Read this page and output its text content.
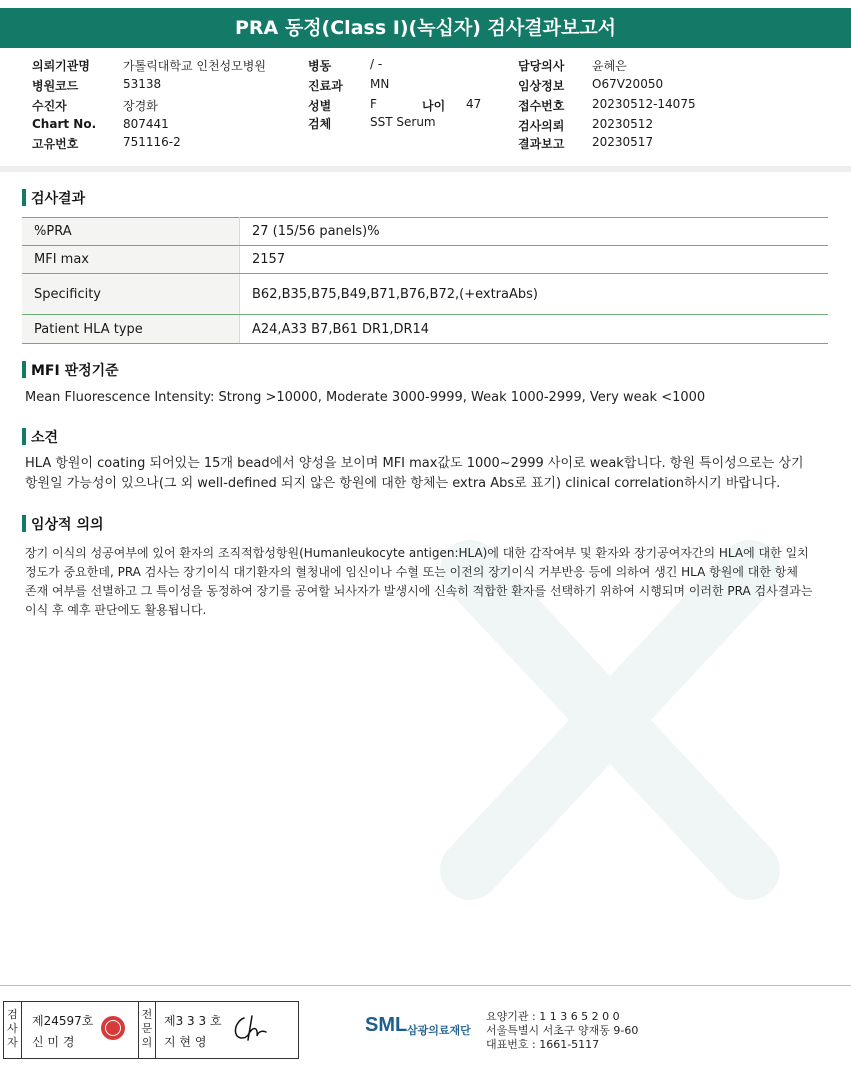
PRA 동정(Class I)(녹십자) 검사결과보고서
의뢰기관명	가톨릭대학교 인천성모병원
병원코드	53138
수진자	장경화
Chart No. 807441
고유번호	751116-2
병동	/ -
진료과 MN
성별	F	나이 47
검체	SST Serum
담당의사 윤혜은
임상정보 O67V20050
접수번호 20230512-14075
검사의뢰 20230512
결과보고 20230517
검사결과
%PRA	27 (15/56 panels)%
MFI max	2157
Specificity	B62,B35,B75,B49,B71,B76,B72,(+extraAbs)
Patient HLA type	A24,A33 B7,B61 DR1,DR14
MFI 판정기준
Mean Fluorescence Intensity: Strong >10000, Moderate 3000-9999, Weak 1000-2999, Very weak <1000
소견
HLA 항원이 coating 되어있는 15개 bead에서 양성을 보이며 MFI max값도 1000~2999 사이로 weak합니다. 항원 특이성으로는 상기
항원일 가능성이 있으나(그 외 well-defined 되지 않은 항원에 대한 항체는 extra Abs로 표기) clinical correlation하시기 바랍니다.
임상적 의의
장기 이식의 성공여부에 있어 환자의 조직적합성항원(Humanleukocyte antigen:HLA)에 대한 감작여부 및 환자와 장기공여자간의 HLA에 대한 일치
정도가 중요한데, PRA 검사는 장기이식 대기환자의 혈청내에 임신이나 수혈 또는 이전의 장기이식 거부반응 등에 의하여 생긴 HLA 항원에 대한 항체
존재 여부를 선별하고 그 특이성을 동정하여 장기를 공여할 뇌사자가 발생시에 신속히 적합한 환자를 선택하기 위하여 시행되며 이러한 PRA 검사결과는
이식 후 예후 판단에도 활용됩니다.
검
사
자
제24597호
신 미 경
전
문
의
제3 3 3 호
지 현 영
SML 삼광의료재단
요양기관 : 1 1 3 6 5 2 0 0
서울특별시 서초구 양재동 9-60
대표번호 : 1661-5117
